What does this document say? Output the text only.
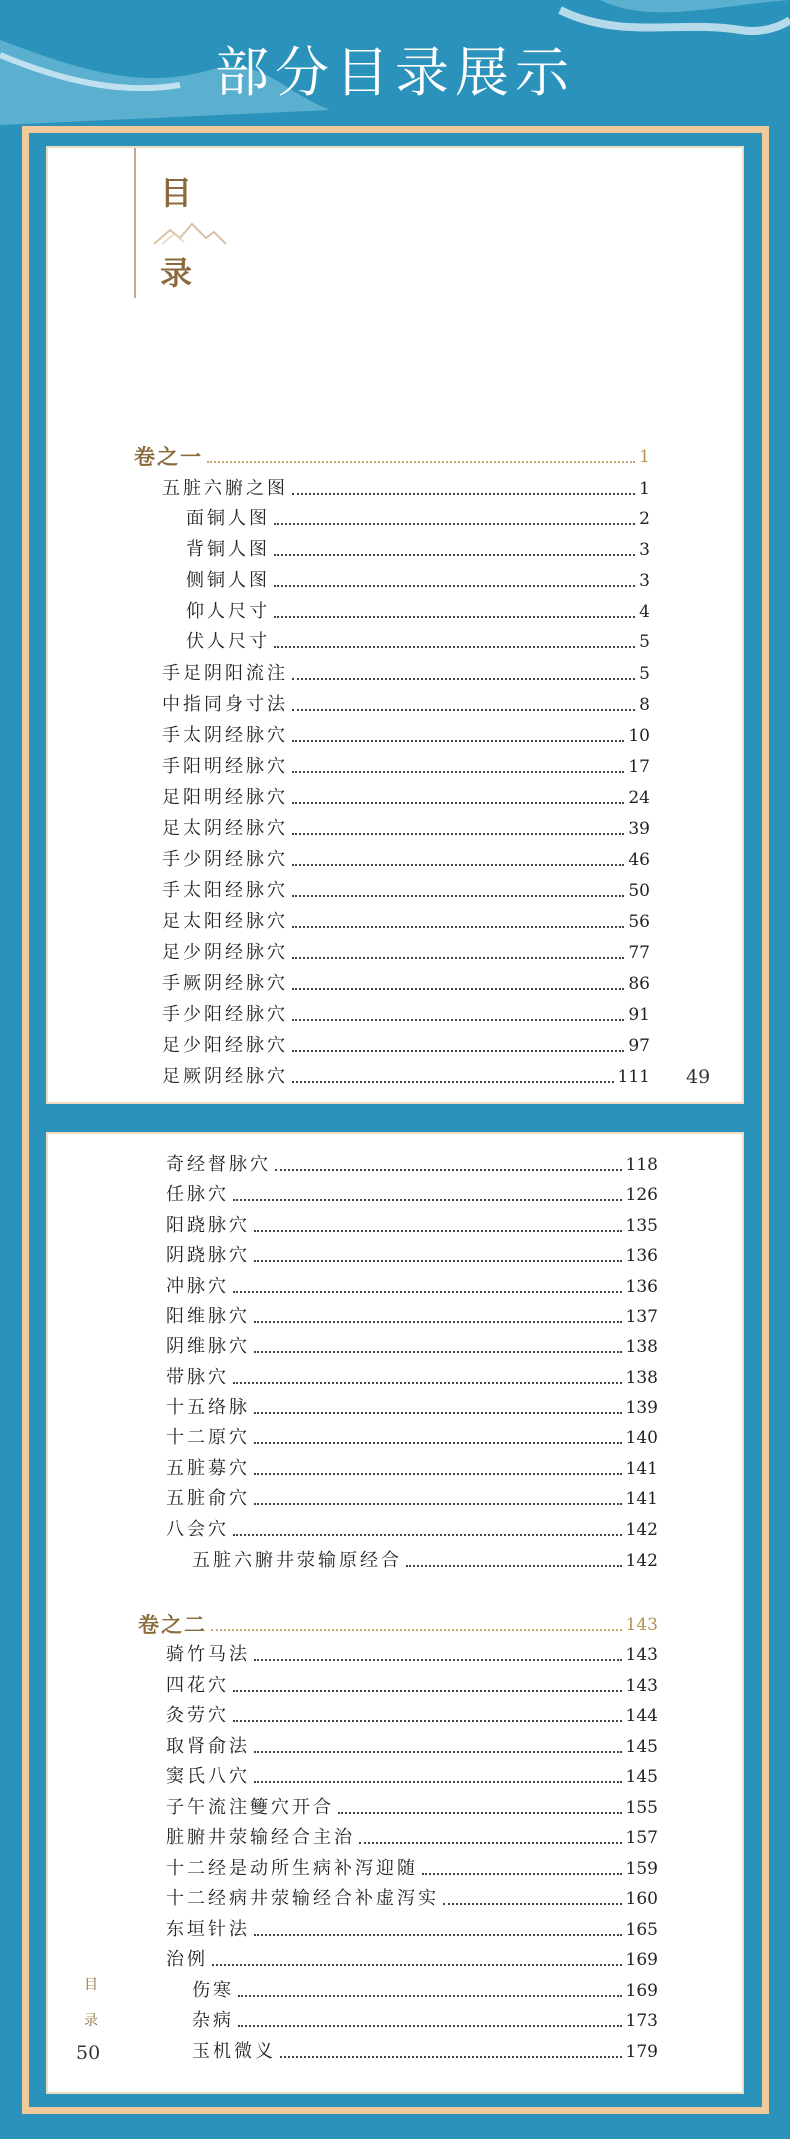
部分目录展示
目
录
卷之一	1
五脏六腑之图	1
面铜人图	2
背铜人图	3
侧铜人图	3
仰人尺寸	4
伏人尺寸	5
手足阴阳流注	5
中指同身寸法	8
手太阴经脉穴	10
手阳明经脉穴	17
足阳明经脉穴	24
足太阴经脉穴	39
手少阴经脉穴	46
手太阳经脉穴	50
足太阳经脉穴	56
足少阴经脉穴	77
手厥阴经脉穴	86
手少阳经脉穴	91
足少阳经脉穴	97
足厥阴经脉穴	111 49
奇经督脉穴	118
任脉穴	126
阳跷脉穴	135
阴跷脉穴	136
冲脉穴	136
阳维脉穴	137
阴维脉穴	138
带脉穴	138
十五络脉	139
十二原穴	140
五脏募穴	141
五脏俞穴	141
八会穴	142
五脏六腑井荥输原经合	142
卷之二	143
骑竹马法	143
四花穴	143
灸劳穴	144
取肾俞法	145
窦氏八穴	145
子午流注䉶穴开合	155
脏腑井荥输经合主治	157
十二经是动所生病补泻迎随	159
十二经病井荥输经合补虚泻实	160
东垣针法	165
治例	169
伤寒	169
杂病	173
玉机微义	179
目
录
50
